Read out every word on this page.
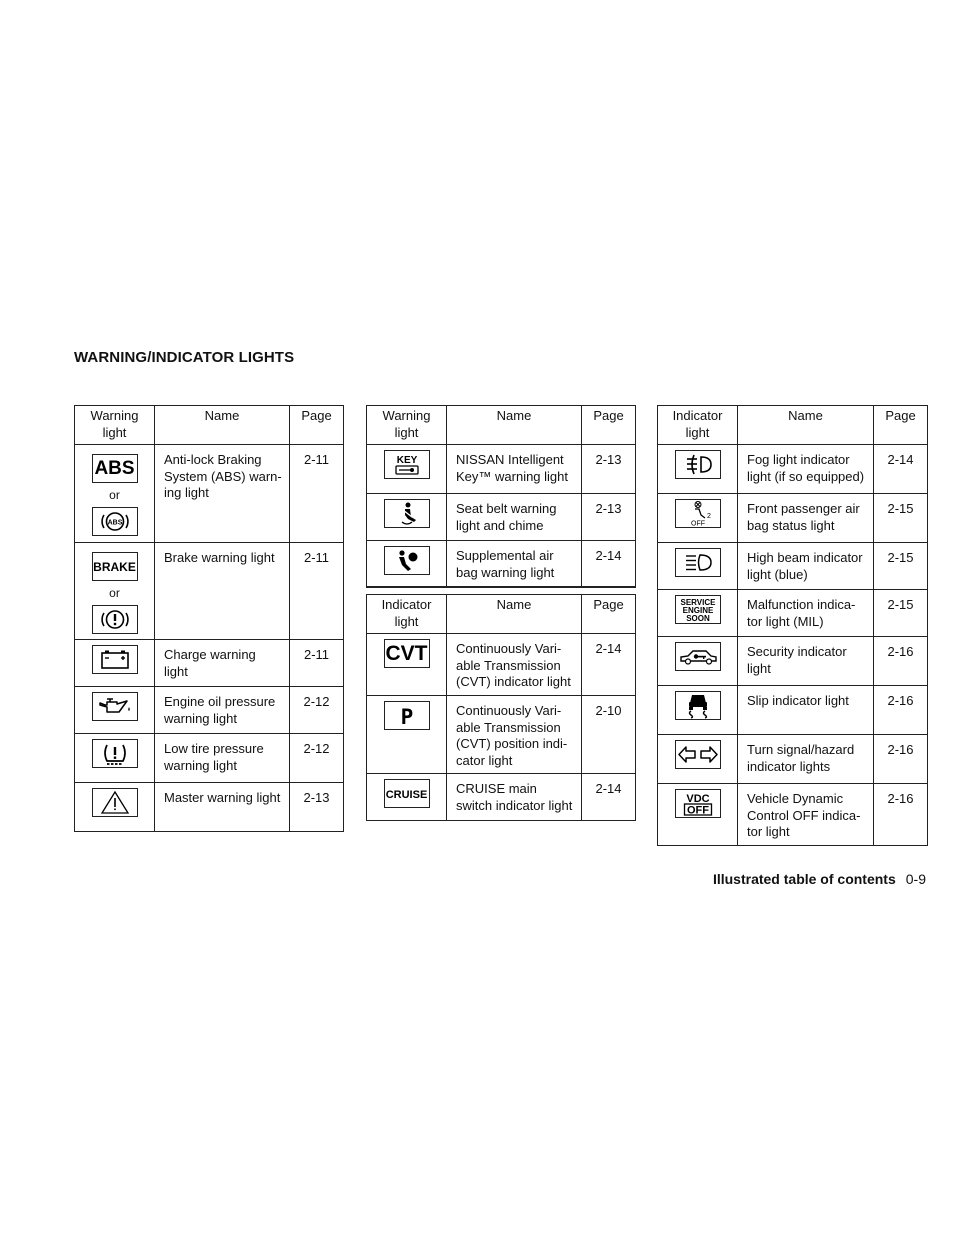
WARNING/INDICATOR LIGHTS
Warning light	Name	Page

ABS
or
ABS	Anti-lock Braking System (ABS) warn-ing light	2-11

BRAKE
or	Brake warning light	2-11

	Charge warning light	2-11

	Engine oil pressure warning light	2-12

	Low tire pressure warning light	2-12

	Master warning light	2-13
Warning light	Name	Page

KEY	NISSAN Intelligent Key™ warning light	2-13

	Seat belt warning light and chime	2-13

	Supplemental air bag warning light	2-14
Indicator light	Name	Page
CVT	Continuously Vari-able Transmission (CVT) indicator light	2-14

P	Continuously Vari-able Transmission (CVT) position indi-cator light	2-10
CRUISE	CRUISE main switch indicator light	2-14
Indicator light	Name	Page

	Fog light indicator light (if so equipped)	2-14

2
OFF	Front passenger air bag status light	2-15

	High beam indicator light (blue)	2-15

SERVICE
ENGINE
SOON	Malfunction indica-tor light (MIL)	2-15

	Security indicator light	2-16

	Slip indicator light	2-16

	Turn signal/hazard indicator lights	2-16

VDC
OFF	Vehicle Dynamic Control OFF indica-tor light	2-16
Illustrated table of contents 0-9
